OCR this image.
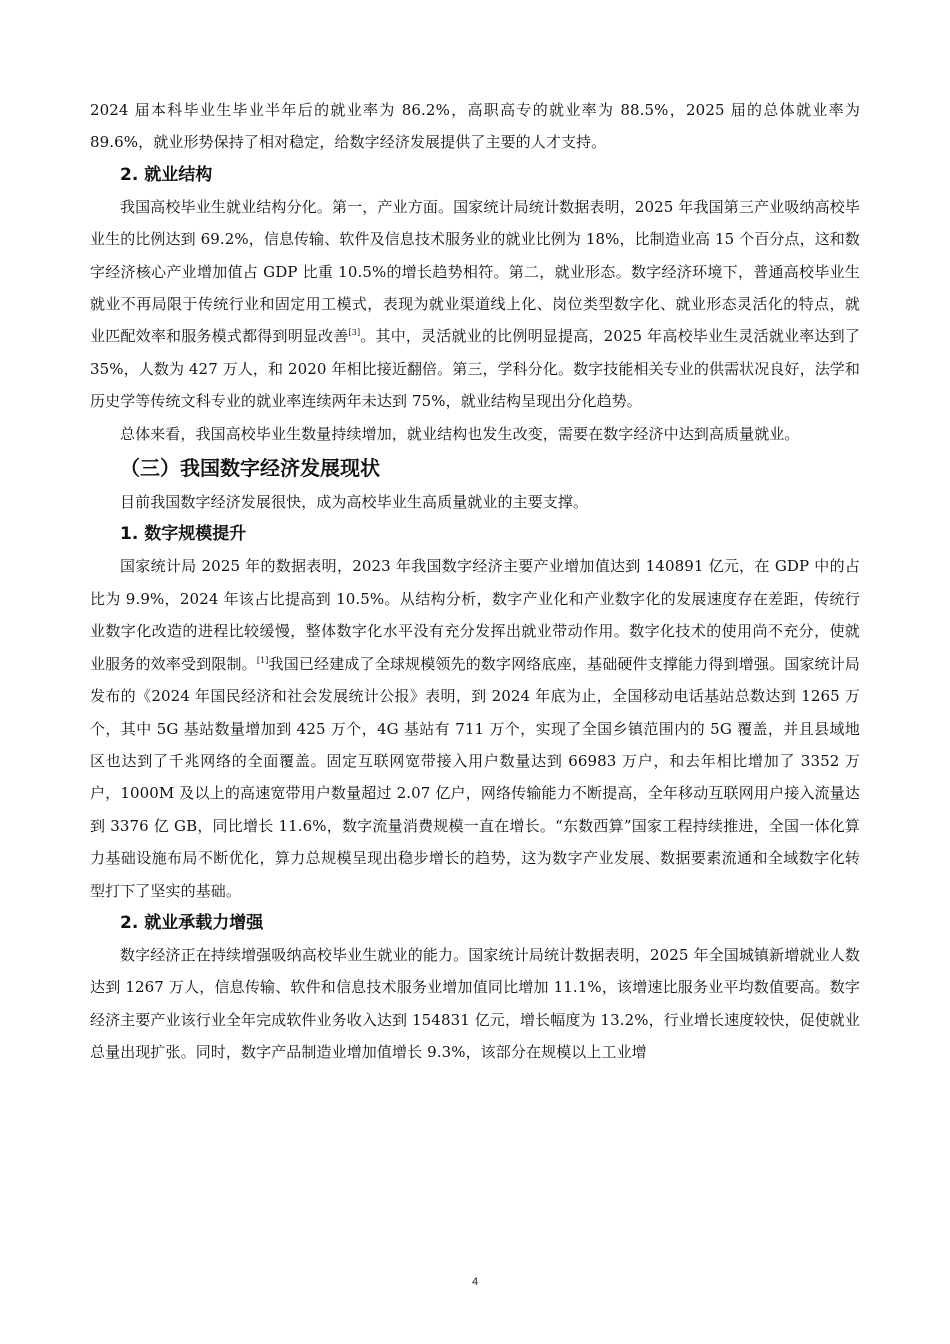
2024 届本科毕业生毕业半年后的就业率为 86.2%，高职高专的就业率为 88.5%，2025 届的总体就业率为 89.6%，就业形势保持了相对稳定，给数字经济发展提供了主要的人才支持。

2. 就业结构

我国高校毕业生就业结构分化。第一，产业方面。国家统计局统计数据表明，2025 年我国第三产业吸纳高校毕业生的比例达到 69.2%，信息传输、软件及信息技术服务业的就业比例为 18%，比制造业高 15 个百分点，这和数字经济核心产业增加值占 GDP 比重 10.5%的增长趋势相符。第二，就业形态。数字经济环境下，普通高校毕业生就业不再局限于传统行业和固定用工模式，表现为就业渠道线上化、岗位类型数字化、就业形态灵活化的特点，就业匹配效率和服务模式都得到明显改善[3]。其中，灵活就业的比例明显提高，2025 年高校毕业生灵活就业率达到了 35%，人数为 427 万人，和 2020 年相比接近翻倍。第三，学科分化。数字技能相关专业的供需状况良好，法学和历史学等传统文科专业的就业率连续两年未达到 75%，就业结构呈现出分化趋势。

总体来看，我国高校毕业生数量持续增加，就业结构也发生改变，需要在数字经济中达到高质量就业。

（三）我国数字经济发展现状

目前我国数字经济发展很快，成为高校毕业生高质量就业的主要支撑。

1. 数字规模提升

国家统计局 2025 年的数据表明，2023 年我国数字经济主要产业增加值达到 140891 亿元，在 GDP 中的占比为 9.9%，2024 年该占比提高到 10.5%。从结构分析，数字产业化和产业数字化的发展速度存在差距，传统行业数字化改造的进程比较缓慢，整体数字化水平没有充分发挥出就业带动作用。数字化技术的使用尚不充分，使就业服务的效率受到限制。[1]我国已经建成了全球规模领先的数字网络底座，基础硬件支撑能力得到增强。国家统计局发布的《2024 年国民经济和社会发展统计公报》表明，到 2024 年底为止，全国移动电话基站总数达到 1265 万个，其中 5G 基站数量增加到 425 万个，4G 基站有 711 万个，实现了全国乡镇范围内的 5G 覆盖，并且县域地区也达到了千兆网络的全面覆盖。固定互联网宽带接入用户数量达到 66983 万户，和去年相比增加了 3352 万户，1000M 及以上的高速宽带用户数量超过 2.07 亿户，网络传输能力不断提高，全年移动互联网用户接入流量达到 3376 亿 GB，同比增长 11.6%，数字流量消费规模一直在增长。“东数西算”国家工程持续推进，全国一体化算力基础设施布局不断优化，算力总规模呈现出稳步增长的趋势，这为数字产业发展、数据要素流通和全域数字化转型打下了坚实的基础。

2. 就业承载力增强

数字经济正在持续增强吸纳高校毕业生就业的能力。国家统计局统计数据表明，2025 年全国城镇新增就业人数达到 1267 万人，信息传输、软件和信息技术服务业增加值同比增加 11.1%，该增速比服务业平均数值要高。数字经济主要产业该行业全年完成软件业务收入达到 154831 亿元，增长幅度为 13.2%，行业增长速度较快，促使就业总量出现扩张。同时，数字产品制造业增加值增长 9.3%，该部分在规模以上工业增

4
